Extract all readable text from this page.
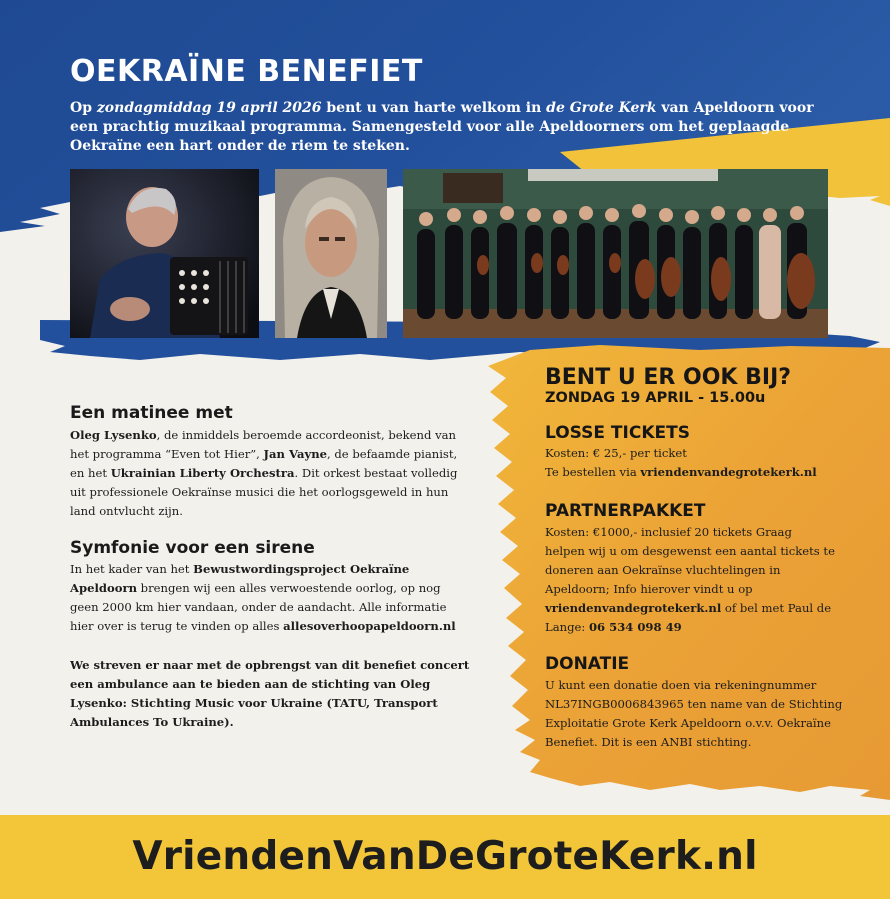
OEKRAÏNE BENEFIET
Op zondagmiddag 19 april 2026 bent u van harte welkom in de Grote Kerk van Apeldoorn voor een prachtig muzikaal programma. Samengesteld voor alle Apeldoorners om het geplaagde Oekraïne een hart onder de riem te steken.
Een matinee met
Oleg Lysenko, de inmiddels beroemde accordeonist, bekend van het programma “Even tot Hier”, Jan Vayne, de befaamde pianist, en het Ukrainian Liberty Orchestra. Dit orkest bestaat volledig uit professionele Oekraïnse musici die het oorlogsgeweld in hun land ontvlucht zijn.
Symfonie voor een sirene
In het kader van het Bewustwordingsproject Oekraïne Apeldoorn brengen wij een alles verwoestende oorlog, op nog geen 2000 km hier vandaan, onder de aandacht. Alle informatie hier over is terug te vinden op alles allesoverhoopapeldoorn.nl
We streven er naar met de opbrengst van dit benefiet concert een ambulance aan te bieden aan de stichting van Oleg Lysenko: Stichting Music voor Ukraine (TATU, Transport Ambulances To Ukraine).
BENT U ER OOK BIJ?
ZONDAG 19 APRIL - 15.00u
LOSSE TICKETS
Kosten: € 25,- per ticket
Te bestellen via vriendenvandegrotekerk.nl
PARTNERPAKKET
Kosten: €1000,- inclusief 20 tickets Graag helpen wij u om desgewenst een aantal tickets te doneren aan Oekraïnse vluchtelingen in Apeldoorn; Info hierover vindt u op vriendenvandegrotekerk.nl of bel met Paul de Lange: 06 534 098 49
DONATIE
U kunt een donatie doen via rekeningnummer NL37INGB0006843965 ten name van de Stichting Exploitatie Grote Kerk Apeldoorn o.v.v. Oekraïne Benefiet. Dit is een ANBI stichting.
VriendenVanDeGroteKerk.nl
